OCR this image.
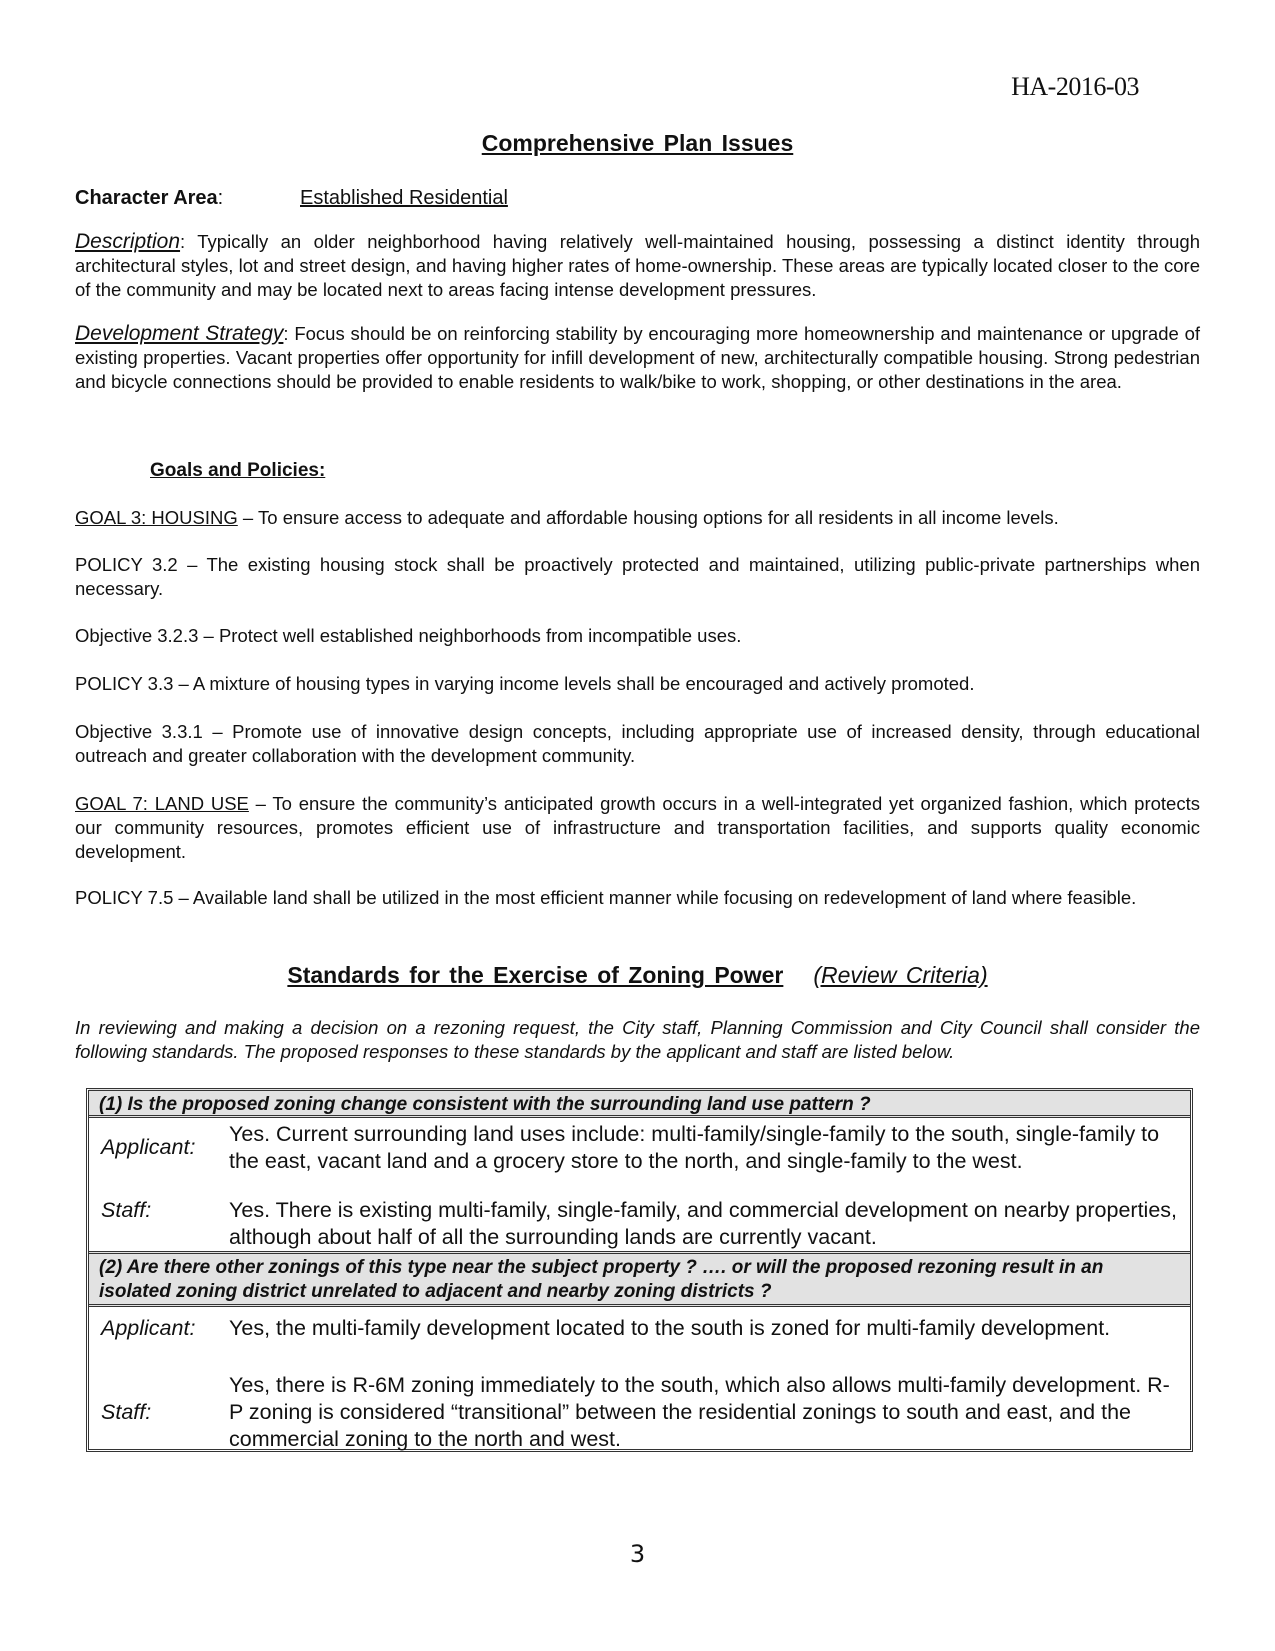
HA-2016-03
Comprehensive Plan Issues
Character Area:	Established Residential
Description: Typically an older neighborhood having relatively well-maintained housing, possessing a distinct identity through architectural styles, lot and street design, and having higher rates of home-ownership. These areas are typically located closer to the core of the community and may be located next to areas facing intense development pressures.
Development Strategy: Focus should be on reinforcing stability by encouraging more homeownership and maintenance or upgrade of existing properties. Vacant properties offer opportunity for infill development of new, architecturally compatible housing. Strong pedestrian and bicycle connections should be provided to enable residents to walk/bike to work, shopping, or other destinations in the area.
Goals and Policies:
GOAL 3: HOUSING – To ensure access to adequate and affordable housing options for all residents in all income levels.
POLICY 3.2 – The existing housing stock shall be proactively protected and maintained, utilizing public-private partnerships when necessary.
Objective 3.2.3 – Protect well established neighborhoods from incompatible uses.
POLICY 3.3 – A mixture of housing types in varying income levels shall be encouraged and actively promoted.
Objective 3.3.1 – Promote use of innovative design concepts, including appropriate use of increased density, through educational outreach and greater collaboration with the development community.
GOAL 7: LAND USE – To ensure the community’s anticipated growth occurs in a well-integrated yet organized fashion, which protects our community resources, promotes efficient use of infrastructure and transportation facilities, and supports quality economic development.
POLICY 7.5 – Available land shall be utilized in the most efficient manner while focusing on redevelopment of land where feasible.
Standards for the Exercise of Zoning Power (Review Criteria)
In reviewing and making a decision on a rezoning request, the City staff, Planning Commission and City Council shall consider the following standards. The proposed responses to these standards by the applicant and staff are listed below.
(1) Is the proposed zoning change consistent with the surrounding land use pattern ?
Applicant:
Yes. Current surrounding land uses include: multi-family/single-family to the south, single-family to the east, vacant land and a grocery store to the north, and single-family to the west.
Staff:	Yes. There is existing multi-family, single-family, and commercial development on nearby properties, although about half of all the surrounding lands are currently vacant.
(2) Are there other zonings of this type near the subject property ? …. or will the proposed rezoning result in an isolated zoning district unrelated to adjacent and nearby zoning districts ?
Applicant: Yes, the multi-family development located to the south is zoned for multi-family development.
Staff:
Yes, there is R-6M zoning immediately to the south, which also allows multi-family development. R-P zoning is considered “transitional” between the residential zonings to south and east, and the commercial zoning to the north and west.
3
